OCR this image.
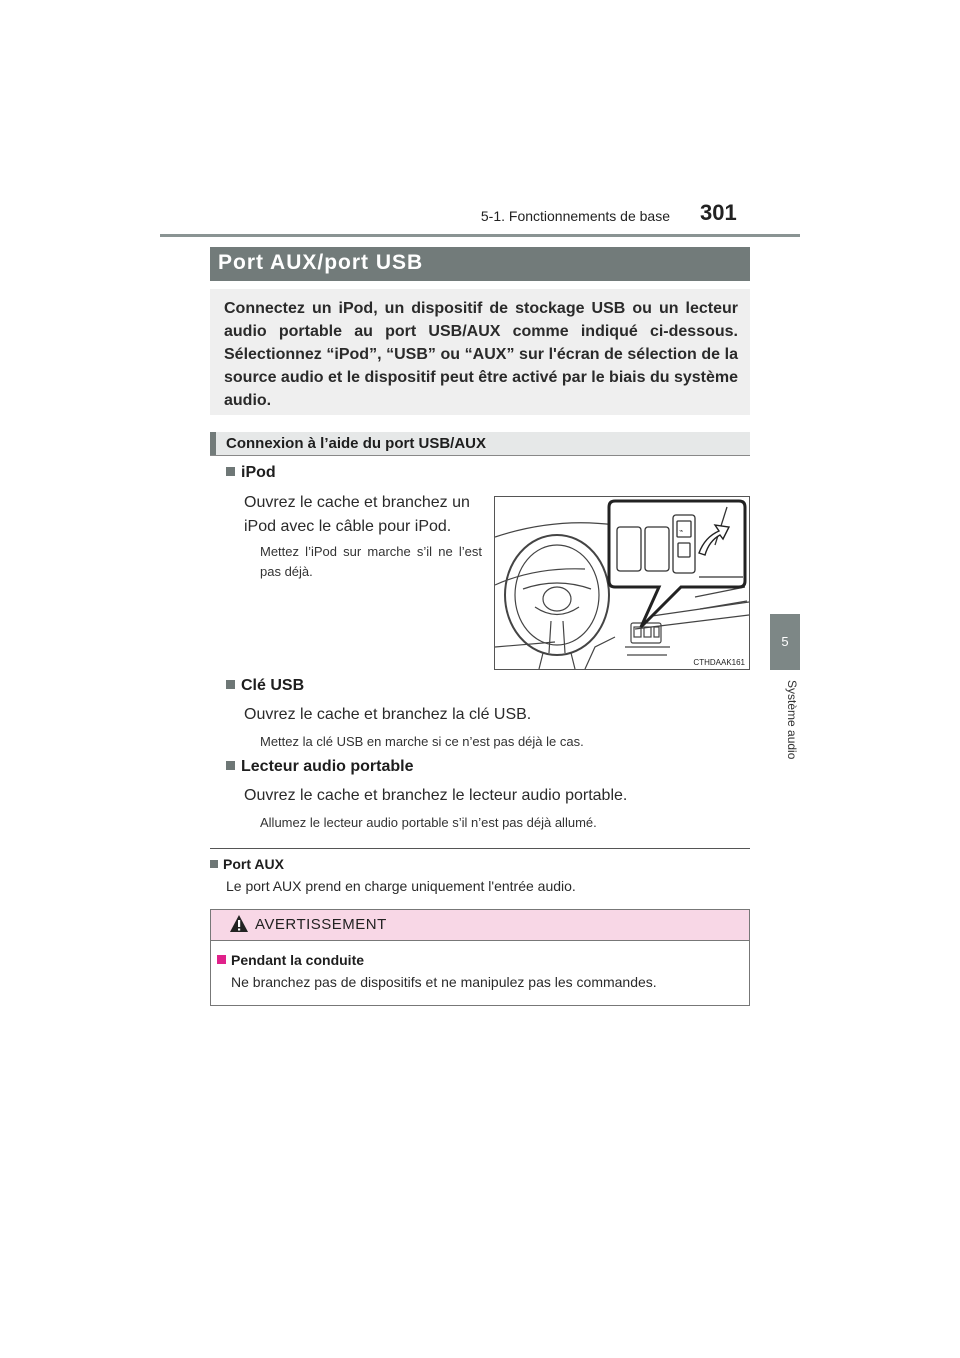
5-1. Fonctionnements de base 301
5
Système audio
Port AUX/port USB
Connectez un iPod, un dispositif de stockage USB ou un lecteur audio portable au port USB/AUX comme indiqué ci-dessous. Sélectionnez “iPod”, “USB” ou “AUX” sur l'écran de sélection de la source audio et le dispositif peut être activé par le biais du système audio.
Connexion à l’aide du port USB/AUX
iPod
Ouvrez le cache et branchez un iPod avec le câble pour iPod.
Mettez l’iPod sur marche s’il ne l’est pas déjà.
⌁
CTHDAAK161
Clé USB
Ouvrez le cache et branchez la clé USB.
Mettez la clé USB en marche si ce n’est pas déjà le cas.
Lecteur audio portable
Ouvrez le cache et branchez le lecteur audio portable.
Allumez le lecteur audio portable s’il n’est pas déjà allumé.
Port AUX
Le port AUX prend en charge uniquement l'entrée audio.
AVERTISSEMENT
Pendant la conduite
Ne branchez pas de dispositifs et ne manipulez pas les commandes.
